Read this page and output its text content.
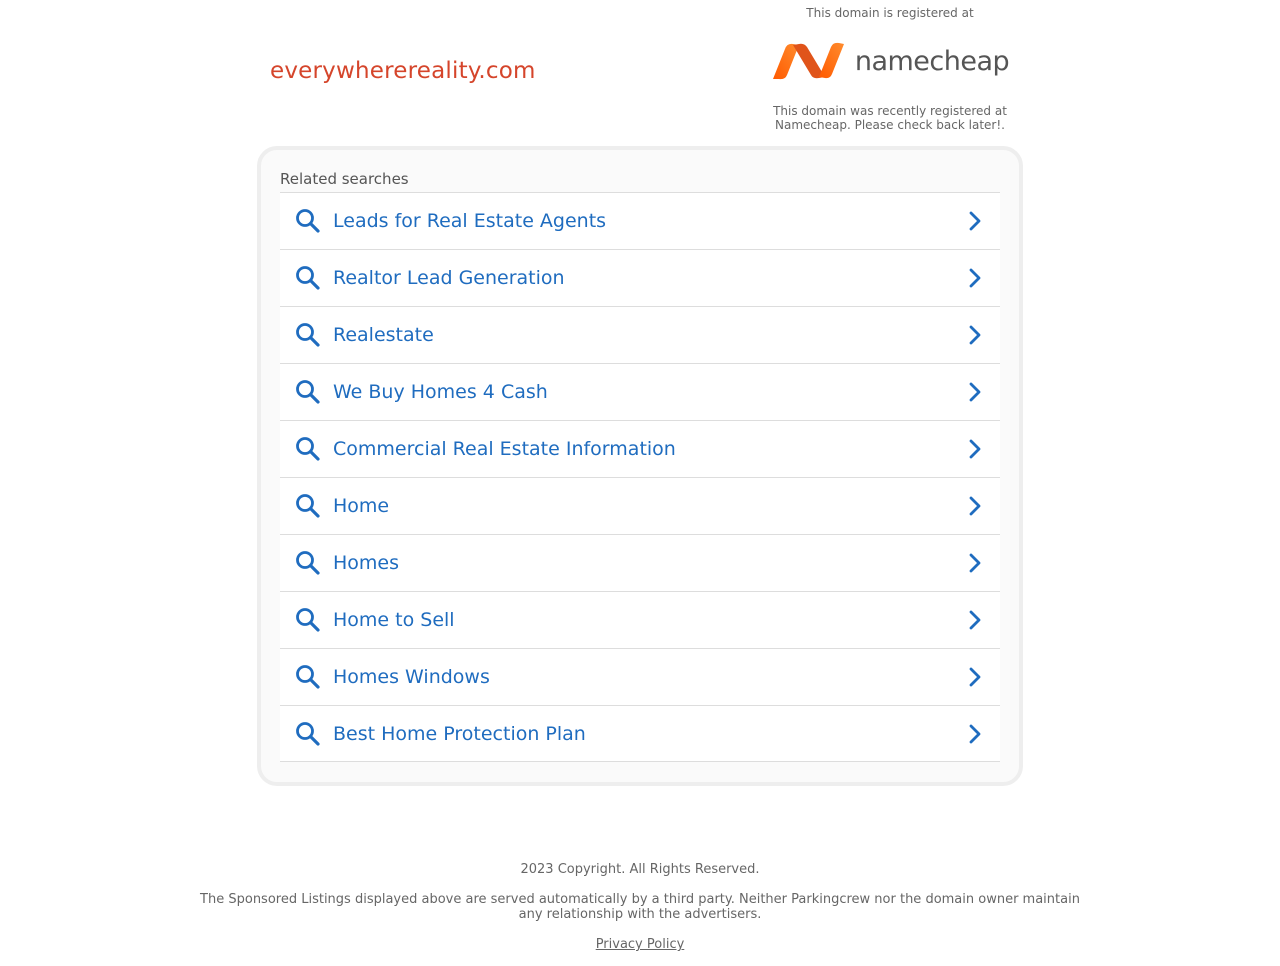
everywherereality.com
This domain is registered at
namecheap
This domain was recently registered at Namecheap. Please check back later!.
Related searches
Leads for Real Estate Agents
Realtor Lead Generation
Realestate
We Buy Homes 4 Cash
Commercial Real Estate Information
Home
Homes
Home to Sell
Homes Windows
Best Home Protection Plan
2023 Copyright. All Rights Reserved.
The Sponsored Listings displayed above are served automatically by a third party. Neither Parkingcrew nor the domain owner maintain any relationship with the advertisers.
Privacy Policy
